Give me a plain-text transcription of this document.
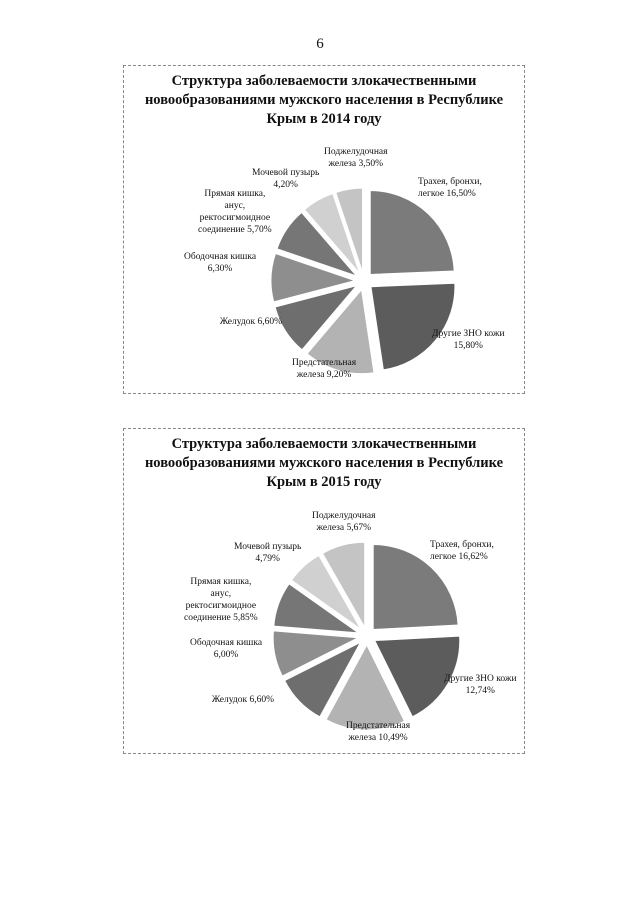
6
Структура заболеваемости злокачественными
новообразованиями мужского населения в Республике
Крым в 2014 году
Трахея, бронхи,
легкое 16,50%
Другие ЗНО кожи
15,80%
Предстательная
железа 9,20%
Желудок 6,60%
Ободочная кишка
6,30%
Прямая кишка,
анус,
ректосигмоидное
соединение 5,70%
Мочевой пузырь
4,20%
Поджелудочная
железа 3,50%
Структура заболеваемости злокачественными
новообразованиями мужского населения в Республике
Крым в 2015 году
Трахея, бронхи,
легкое 16,62%
Другие ЗНО кожи
12,74%
Предстательная
железа 10,49%
Желудок 6,60%
Ободочная кишка
6,00%
Прямая кишка,
анус,
ректосигмоидное
соединение 5,85%
Мочевой пузырь
4,79%
Поджелудочная
железа 5,67%
